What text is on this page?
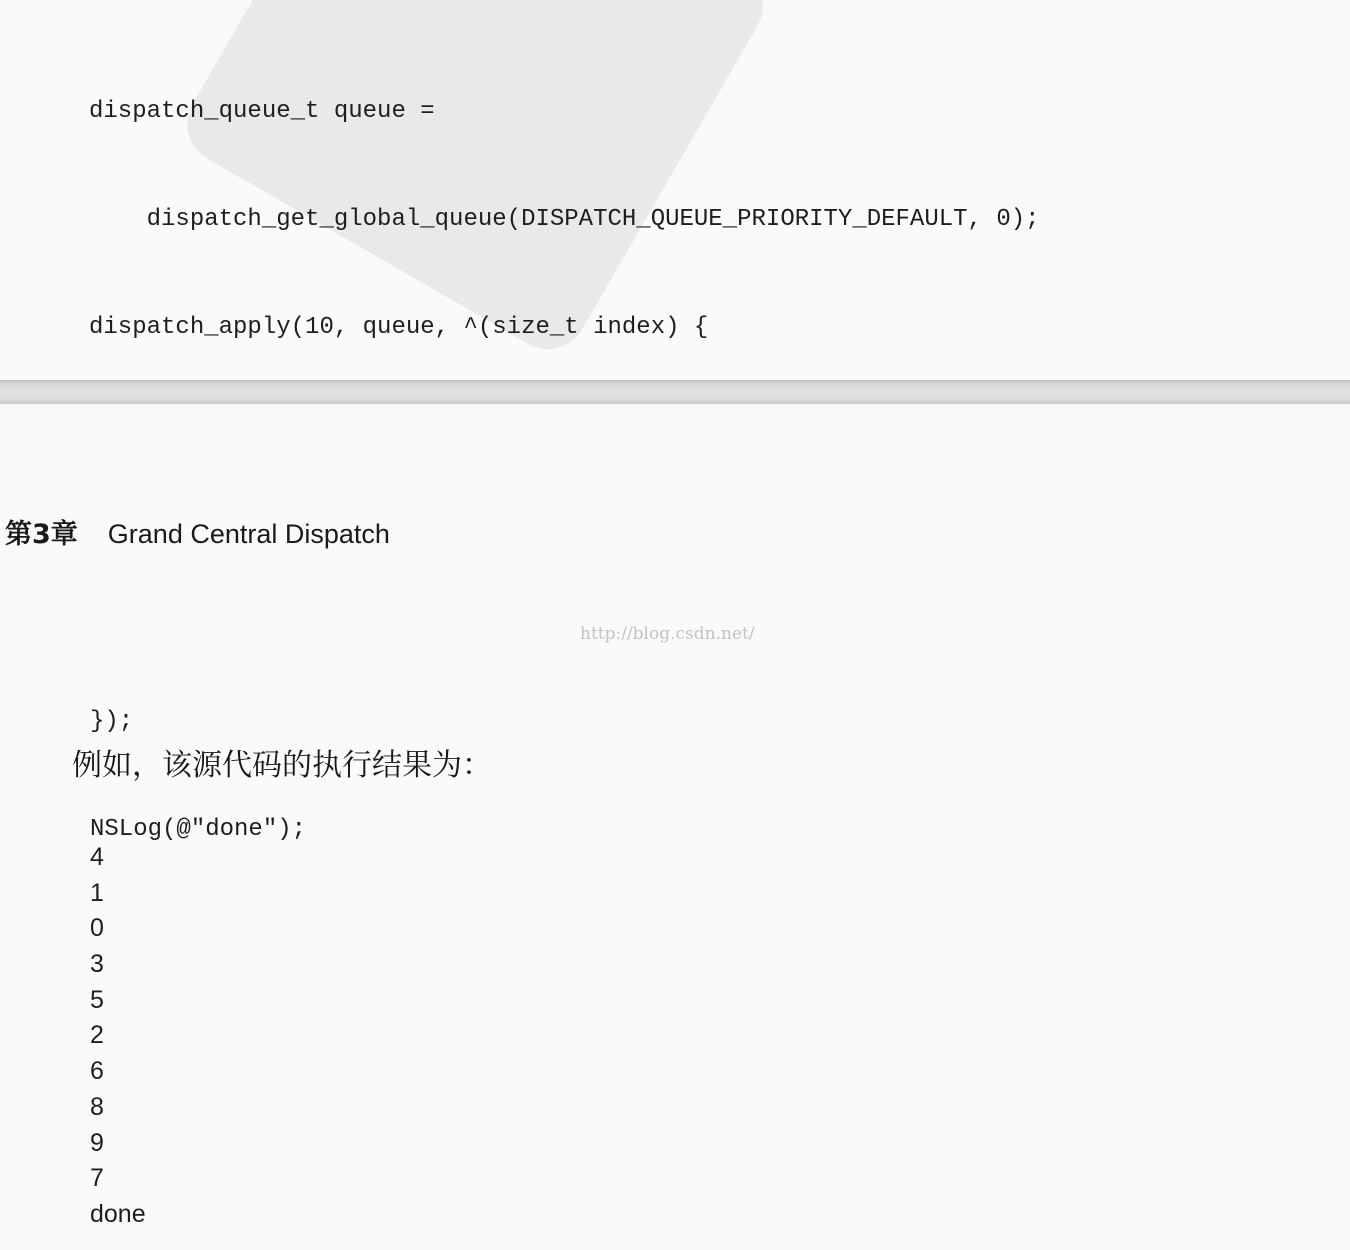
dispatch_queue_t queue =

dispatch_get_global_queue(DISPATCH_QUEUE_PRIORITY_DEFAULT, 0);

dispatch_apply(10, queue, ^(size_t index) {

第3章 Grand Central Dispatch
http://blog.csdn.net/

});

NSLog(@"done");

例如，该源代码的执行结果为：
4
1
0
3
5
2
6
8
9
7
done
